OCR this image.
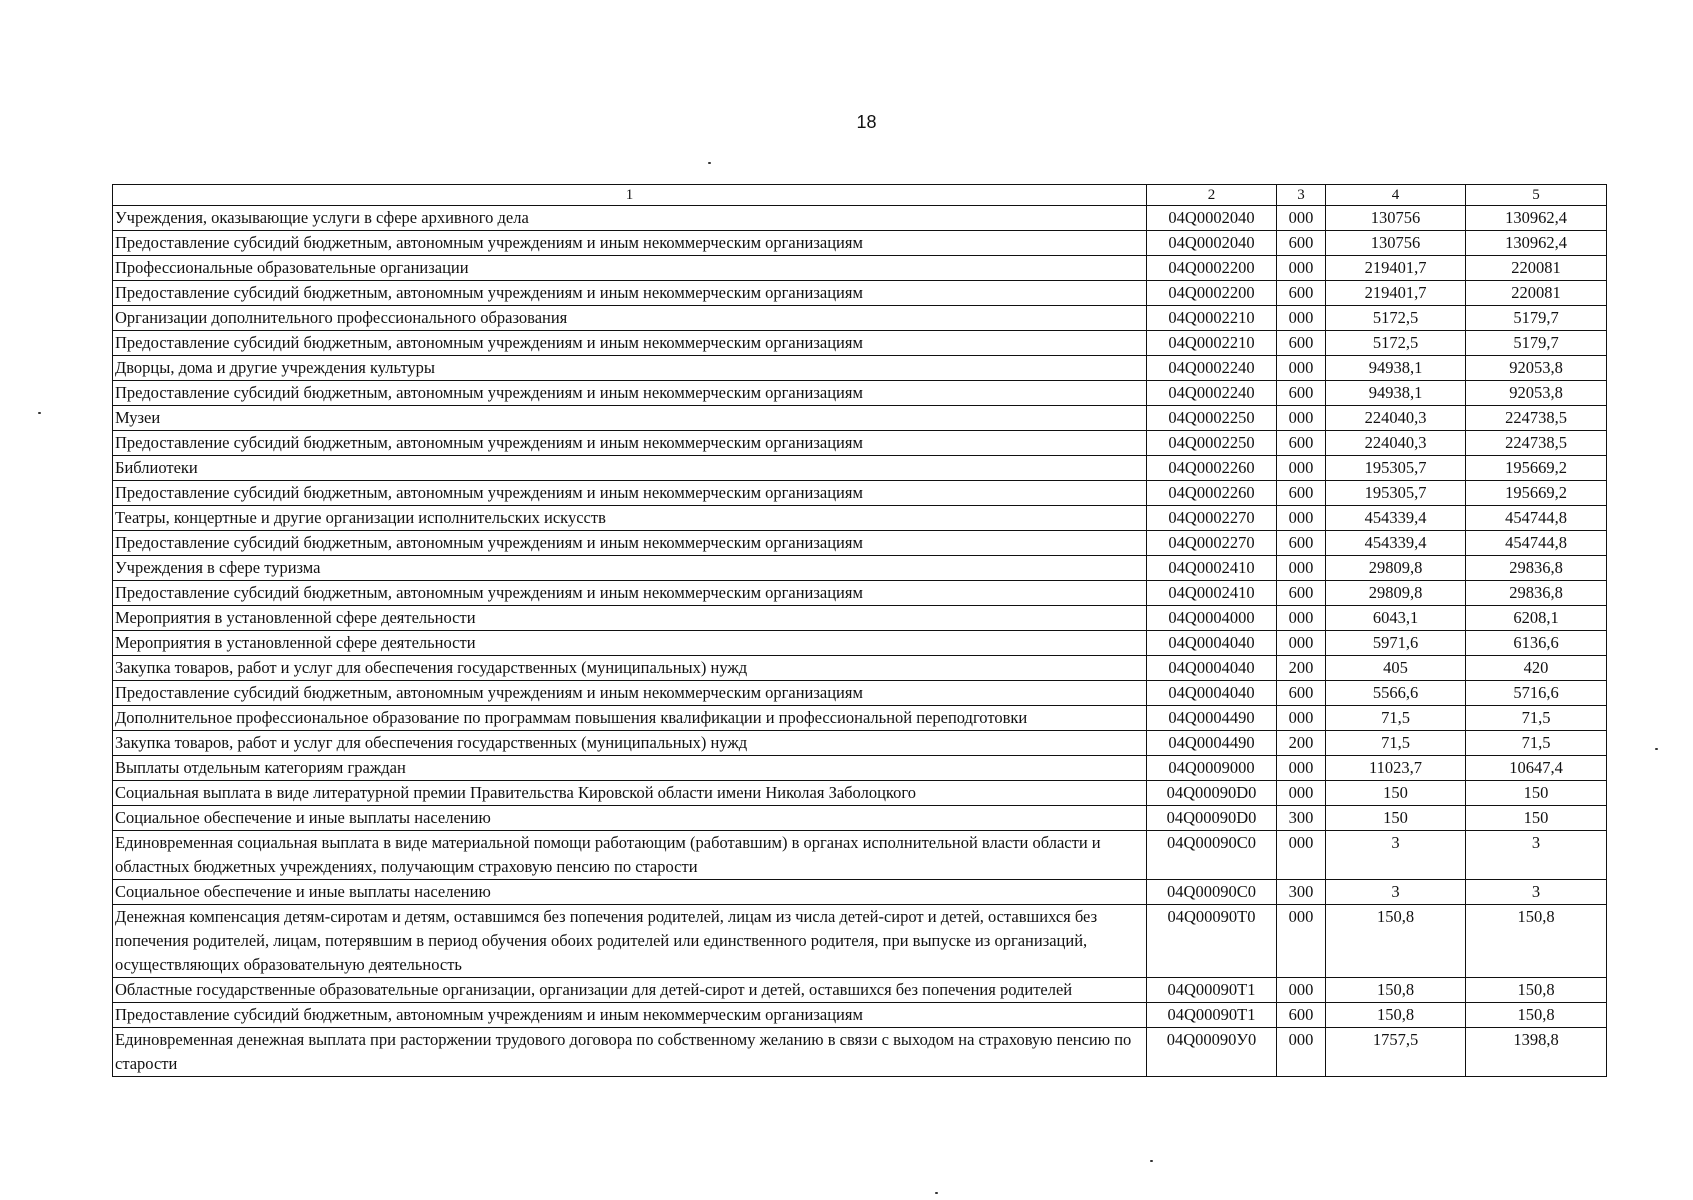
18
1	2	3	4	5
Учреждения, оказывающие услуги в сфере архивного дела	04Q0002040	000	130756	130962,4
Предоставление субсидий бюджетным, автономным учреждениям и иным некоммерческим организациям	04Q0002040	600	130756	130962,4
Профессиональные образовательные организации	04Q0002200	000	219401,7	220081
Предоставление субсидий бюджетным, автономным учреждениям и иным некоммерческим организациям	04Q0002200	600	219401,7	220081
Организации дополнительного профессионального образования	04Q0002210	000	5172,5	5179,7
Предоставление субсидий бюджетным, автономным учреждениям и иным некоммерческим организациям	04Q0002210	600	5172,5	5179,7
Дворцы, дома и другие учреждения культуры	04Q0002240	000	94938,1	92053,8
Предоставление субсидий бюджетным, автономным учреждениям и иным некоммерческим организациям	04Q0002240	600	94938,1	92053,8
Музеи	04Q0002250	000	224040,3	224738,5
Предоставление субсидий бюджетным, автономным учреждениям и иным некоммерческим организациям	04Q0002250	600	224040,3	224738,5
Библиотеки	04Q0002260	000	195305,7	195669,2
Предоставление субсидий бюджетным, автономным учреждениям и иным некоммерческим организациям	04Q0002260	600	195305,7	195669,2
Театры, концертные и другие организации исполнительских искусств	04Q0002270	000	454339,4	454744,8
Предоставление субсидий бюджетным, автономным учреждениям и иным некоммерческим организациям	04Q0002270	600	454339,4	454744,8
Учреждения в сфере туризма	04Q0002410	000	29809,8	29836,8
Предоставление субсидий бюджетным, автономным учреждениям и иным некоммерческим организациям	04Q0002410	600	29809,8	29836,8
Мероприятия в установленной сфере деятельности	04Q0004000	000	6043,1	6208,1
Мероприятия в установленной сфере деятельности	04Q0004040	000	5971,6	6136,6
Закупка товаров, работ и услуг для обеспечения государственных (муниципальных) нужд	04Q0004040	200	405	420
Предоставление субсидий бюджетным, автономным учреждениям и иным некоммерческим организациям	04Q0004040	600	5566,6	5716,6
Дополнительное профессиональное образование по программам повышения квалификации и профессиональной переподготовки	04Q0004490	000	71,5	71,5
Закупка товаров, работ и услуг для обеспечения государственных (муниципальных) нужд	04Q0004490	200	71,5	71,5
Выплаты отдельным категориям граждан	04Q0009000	000	11023,7	10647,4
Социальная выплата в виде литературной премии Правительства Кировской области имени Николая Заболоцкого	04Q00090D0	000	150	150
Социальное обеспечение и иные выплаты населению	04Q00090D0	300	150	150
Единовременная социальная выплата в виде материальной помощи работающим (работавшим) в органах исполнительной власти области и областных бюджетных учреждениях, получающим страховую пенсию по старости	04Q00090C0	000	3	3
Социальное обеспечение и иные выплаты населению	04Q00090C0	300	3	3
Денежная компенсация детям-сиротам и детям, оставшимся без попечения родителей, лицам из числа детей-сирот и детей, оставшихся без попечения родителей, лицам, потерявшим в период обучения обоих родителей или единственного родителя, при выпуске из организаций, осуществляющих образовательную деятельность	04Q00090T0	000	150,8	150,8
Областные государственные образовательные организации, организации для детей-сирот и детей, оставшихся без попечения родителей	04Q00090T1	000	150,8	150,8
Предоставление субсидий бюджетным, автономным учреждениям и иным некоммерческим организациям	04Q00090T1	600	150,8	150,8
Единовременная денежная выплата при расторжении трудового договора по собственному желанию в связи с выходом на страховую пенсию по старости	04Q00090У0	000	1757,5	1398,8
